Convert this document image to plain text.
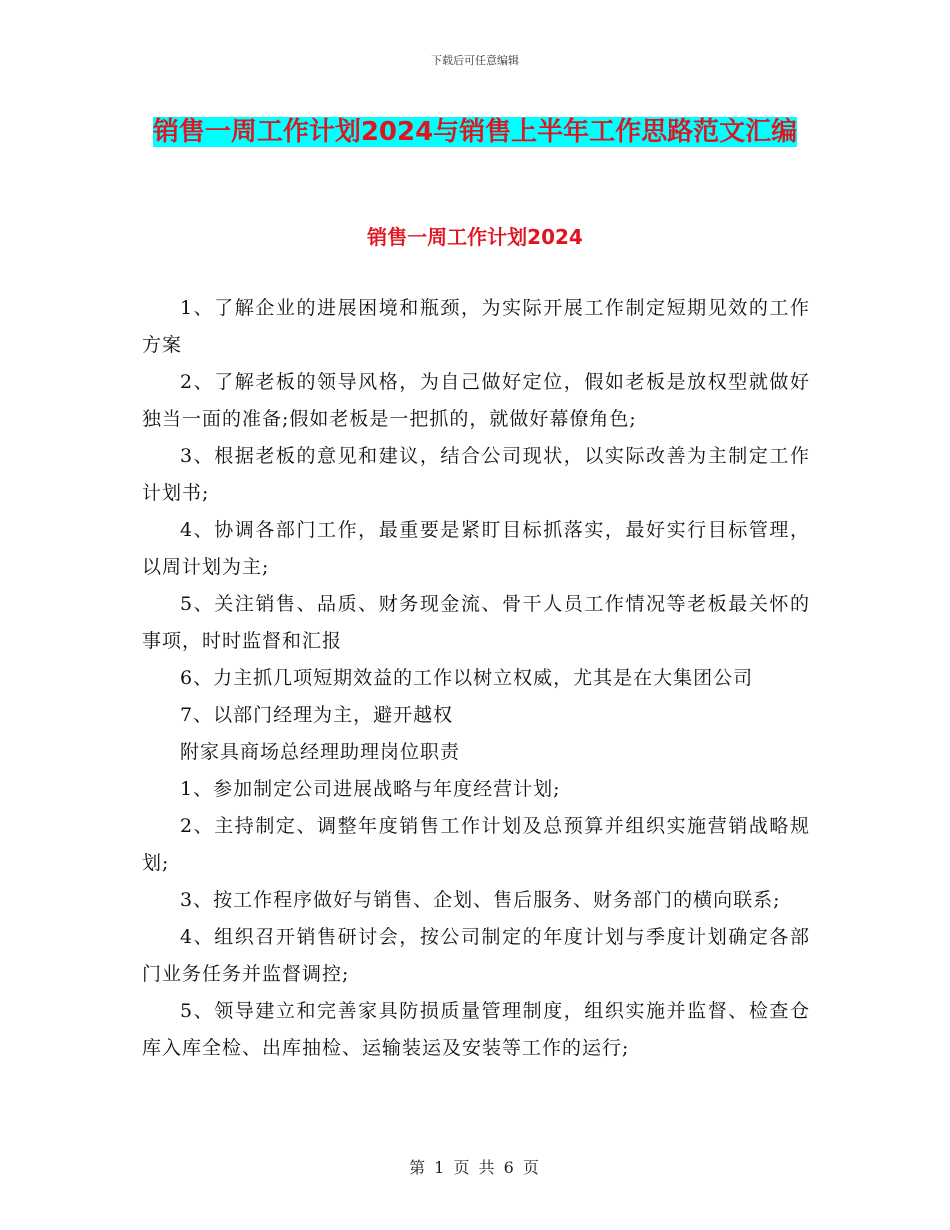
下载后可任意编辑
销售一周工作计划2024与销售上半年工作思路范文汇编
销售一周工作计划2024

1、了解企业的进展困境和瓶颈，为实际开展工作制定短期见效的工作方案

2、了解老板的领导风格，为自己做好定位，假如老板是放权型就做好独当一面的准备;假如老板是一把抓的，就做好幕僚角色;

3、根据老板的意见和建议，结合公司现状，以实际改善为主制定工作计划书;

4、协调各部门工作，最重要是紧盯目标抓落实，最好实行目标管理，以周计划为主;

5、关注销售、品质、财务现金流、骨干人员工作情况等老板最关怀的事项，时时监督和汇报

6、力主抓几项短期效益的工作以树立权威，尤其是在大集团公司

7、以部门经理为主，避开越权

附家具商场总经理助理岗位职责

1、参加制定公司进展战略与年度经营计划;

2、主持制定、调整年度销售工作计划及总预算并组织实施营销战略规划;

3、按工作程序做好与销售、企划、售后服务、财务部门的横向联系;

4、组织召开销售研讨会，按公司制定的年度计划与季度计划确定各部门业务任务并监督调控;

5、领导建立和完善家具防损质量管理制度，组织实施并监督、检查仓库入库全检、出库抽检、运输装运及安装等工作的运行;

第 1 页 共 6 页
